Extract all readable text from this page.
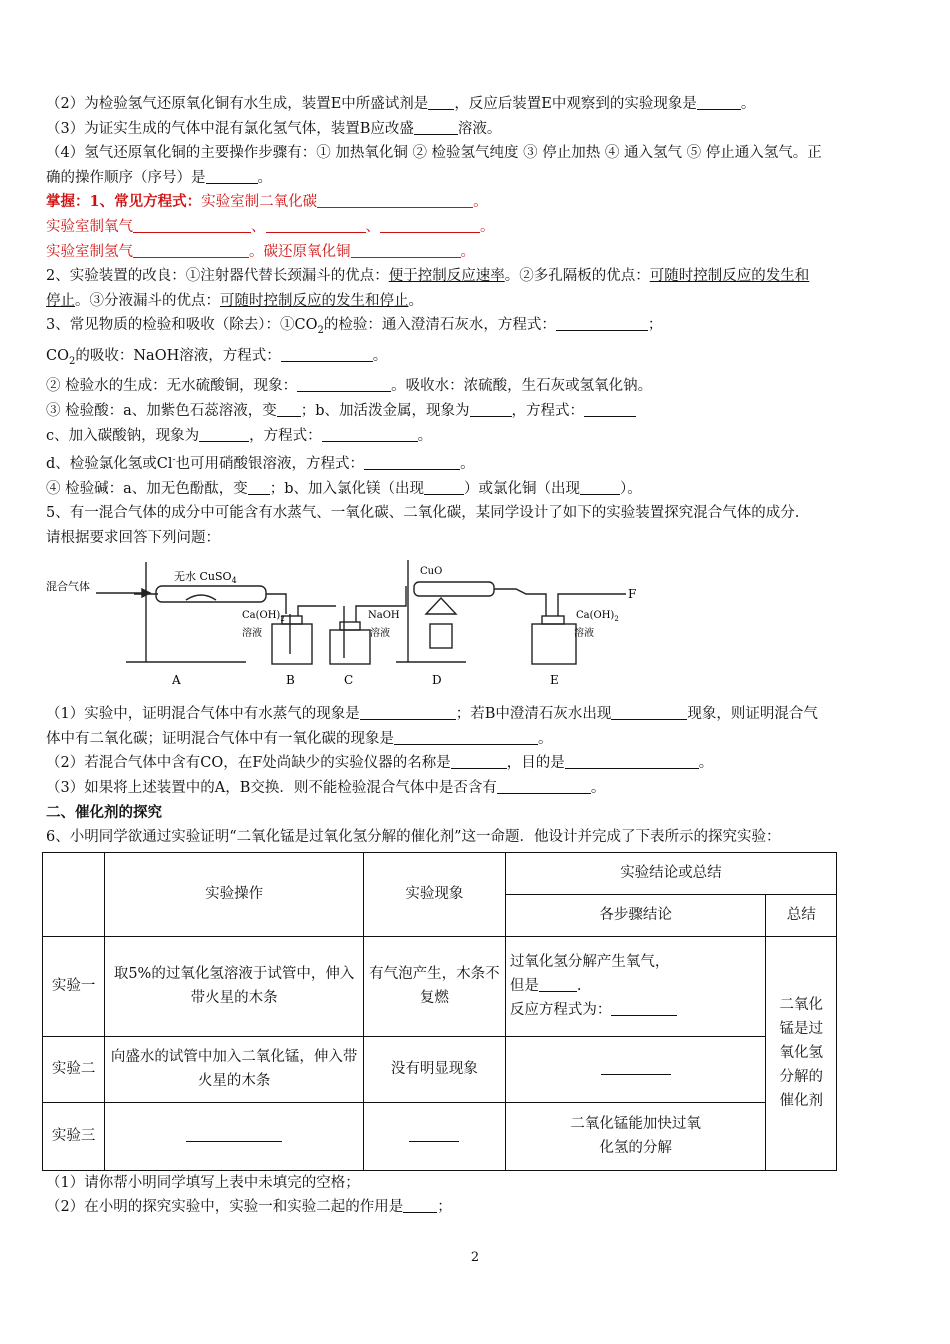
（2）为检验氢气还原氧化铜有水生成，装置E中所盛试剂是 ，反应后装置E中观察到的实验现象是	。
（3）为证实生成的气体中混有氯化氢气体，装置B应改盛	溶液。
（4）氢气还原氧化铜的主要操作步骤有：① 加热氧化铜 ② 检验氢气纯度 ③ 停止加热 ④ 通入氢气 ⑤ 停止通入氢气。正
确的操作顺序（序号）是	。
掌握：1、常见方程式：实验室制二氧化碳	。
实验室制氧气	、	、	。
实验室制氢气	。碳还原氧化铜	。
2、实验装置的改良：①注射器代替长颈漏斗的优点：便于控制反应速率。②多孔隔板的优点：可随时控制反应的发生和
停止。③分液漏斗的优点：可随时控制反应的发生和停止。
3、常见物质的检验和吸收（除去）：$①CO_2$的检验：通入澄清石灰水，方程式：	；
$CO_2$的吸收：NaOH溶液，方程式：	。
② 检验水的生成：无水硫酸铜，现象：	。吸收水：浓硫酸，生石灰或氢氧化钠。
③ 检验酸：a、加紫色石蕊溶液，变 ；b、加活泼金属，现象为	，方程式：
c、加入碳酸钠，现象为	，方程式：	。
d、检验氯化氢或Cl-也可用硝酸银溶液，方程式：	。
④ 检验碱：a、加无色酚酞，变 ；b、加入氯化镁（出现	）或氯化铜（出现	）。
5、有一混合气体的成分中可能含有水蒸气、一氧化碳、二氧化碳，某同学设计了如下的实验装置探究混合气体的成分.
请根据要求回答下列问题：
混合气体
无水 CuSO$_4$
$Ca(OH)_2$
溶液
NaOH
溶液
CuO
$Ca(OH)_2$
溶液
F
A	B	C	D	E
（1）实验中，证明混合气体中有水蒸气的现象是	；若B中澄清石灰水出现	现象，则证明混合气
体中有二氧化碳；证明混合气体中有一氧化碳的现象是	。
（2）若混合气体中含有CO，在F处尚缺少的实验仪器的名称是	，目的是	。
（3）如果将上述装置中的A，B交换．则不能检验混合气体中是否含有	。
二、催化剂的探究
6、小明同学欲通过实验证明“二氧化锰是过氧化氢分解的催化剂”这一命题．他设计并完成了下表所示的探究实验：
	实验操作	实验现象	实验结论或总结	
			各步骤结论	总结
实验一	取5%的过氧化氢溶液于试管中，伸入带火星的木条	有气泡产生，木条不复燃	过氧化氢分解产生氧气，
但是 .
反应方程式为：	二氧化锰是过氧化氢分解的催化剂
实验二	向盛水的试管中加入二氧化锰，伸入带火星的木条	没有明显现象		
实验三			二氧化锰能加快过氧化氢的分解	
（1）请你帮小明同学填写上表中未填完的空格；
（2）在小明的探究实验中，实验一和实验二起的作用是 ；
2
